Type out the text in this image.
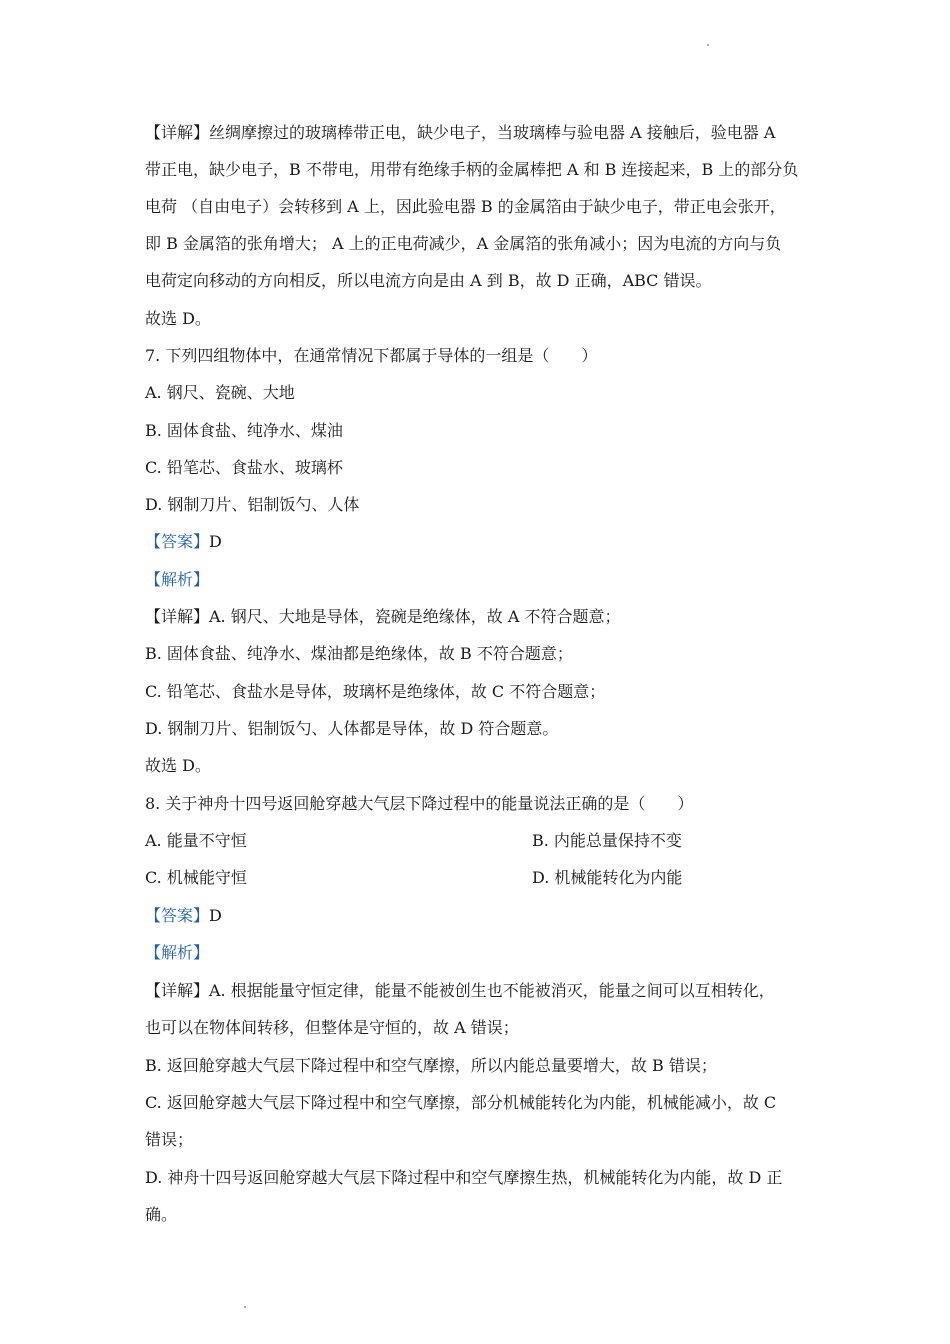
【详解】丝绸摩擦过的玻璃棒带正电，缺少电子，当玻璃棒与验电器 A 接触后，验电器 A
带正电，缺少电子，B 不带电，用带有绝缘手柄的金属棒把 A 和 B 连接起来，B 上的部分负
电荷 （自由电子）会转移到 A 上，因此验电器 B 的金属箔由于缺少电子，带正电会张开，
即 B 金属箔的张角增大； A 上的正电荷减少，A 金属箔的张角减小；因为电流的方向与负
电荷定向移动的方向相反，所以电流方向是由 A 到 B，故 D 正确，ABC 错误。
故选 D。
7. 下列四组物体中，在通常情况下都属于导体的一组是（　　）
A. 钢尺、瓷碗、大地
B. 固体食盐、纯净水、煤油
C. 铅笔芯、食盐水、玻璃杯
D. 钢制刀片、铝制饭勺、人体
【答案】D
【解析】
【详解】A. 钢尺、大地是导体，瓷碗是绝缘体，故 A 不符合题意；
B. 固体食盐、纯净水、煤油都是绝缘体，故 B 不符合题意；
C. 铅笔芯、食盐水是导体，玻璃杯是绝缘体，故 C 不符合题意；
D. 钢制刀片、铝制饭勺、人体都是导体，故 D 符合题意。
故选 D。
8. 关于神舟十四号返回舱穿越大气层下降过程中的能量说法正确的是（　　）
A. 能量不守恒	B. 内能总量保持不变
C. 机械能守恒	D. 机械能转化为内能
【答案】D
【解析】
【详解】A. 根据能量守恒定律，能量不能被创生也不能被消灭，能量之间可以互相转化，
也可以在物体间转移，但整体是守恒的，故 A 错误；
B. 返回舱穿越大气层下降过程中和空气摩擦，所以内能总量要增大，故 B 错误；
C. 返回舱穿越大气层下降过程中和空气摩擦，部分机械能转化为内能，机械能减小，故 C
错误；
D. 神舟十四号返回舱穿越大气层下降过程中和空气摩擦生热，机械能转化为内能，故 D 正
确。
